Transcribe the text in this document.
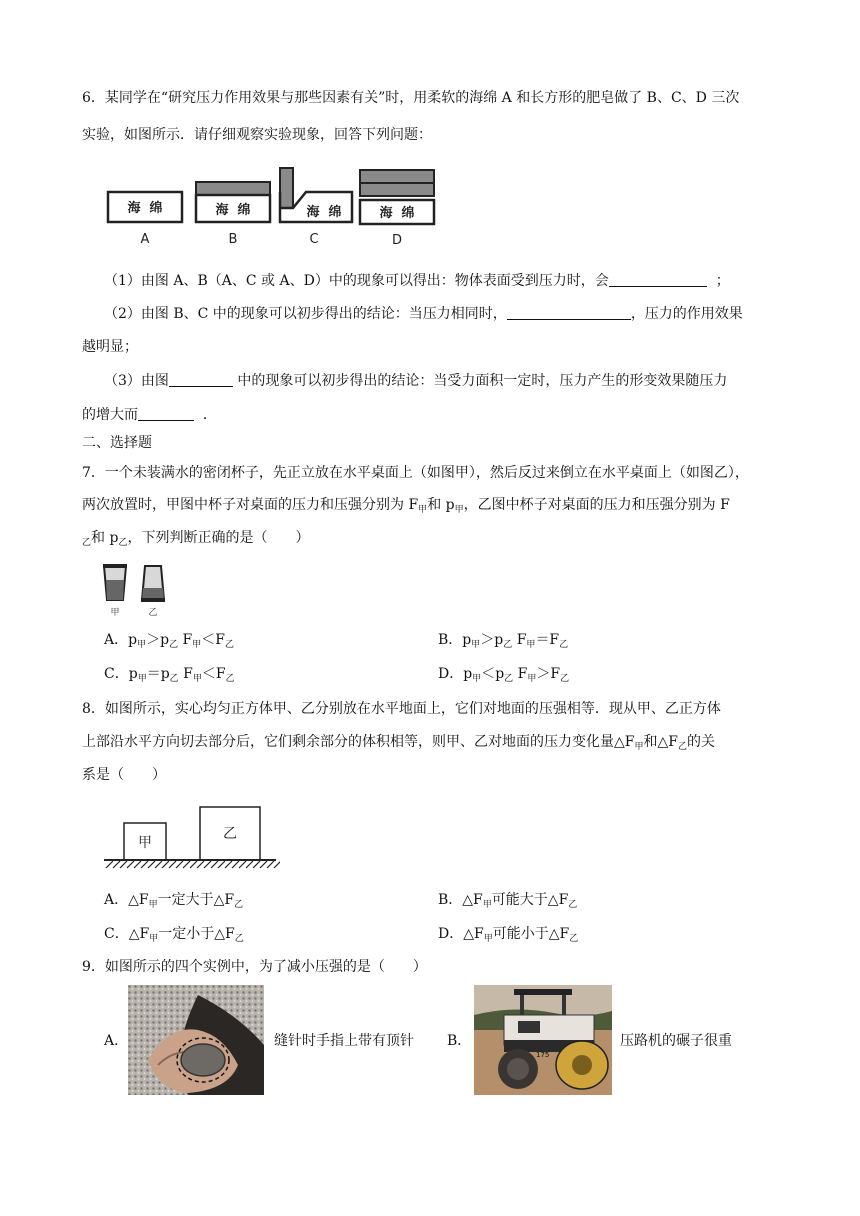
6．某同学在“研究压力作用效果与那些因素有关”时，用柔软的海绵 A 和长方形的肥皂做了 B、C、D 三次
实验，如图所示．请仔细观察实验现象，回答下列问题：
海  绵
A
海  绵
B
海  绵
C
海  绵
D
（1）由图 A、B（A、C 或 A、D）中的现象可以得出：物体表面受到压力时，会	；
（2）由图 B、C 中的现象可以初步得出的结论：当压力相同时，	，压力的作用效果
越明显；
（3）由图	中的现象可以初步得出的结论：当受力面积一定时，压力产生的形变效果随压力
的增大而	．
二、选择题
7．一个未装满水的密闭杯子，先正立放在水平桌面上（如图甲），然后反过来倒立在水平桌面上（如图乙），
两次放置时，甲图中杯子对桌面的压力和压强分别为 $F_甲$和 $p_甲$，乙图中杯子对桌面的压力和压强分别为 F
$_乙$和 $p_乙$，下列判断正确的是（　　）
甲	乙
A．$p_甲>p_乙$ $F_甲<F_乙$	B．$p_甲>p_乙$ $F_甲=F_乙$
C．$p_甲=p_乙$ $F_甲<F_乙$	D．$p_甲<p_乙$ $F_甲>F_乙$
8．如图所示，实心均匀正方体甲、乙分别放在水平地面上，它们对地面的压强相等．现从甲、乙正方体
上部沿水平方向切去部分后，它们剩余部分的体积相等，则甲、乙对地面的压力变化量$\triangle F_甲$和$\triangle F_乙$的关
系是（　　）
甲
乙
A．$\triangle F_甲$一定大于$\triangle F_乙$	B．$\triangle F_甲$可能大于$\triangle F_乙$
C．$\triangle F_甲$一定小于$\triangle F_乙$	D．$\triangle F_甲$可能小于$\triangle F_乙$
9．如图所示的四个实例中，为了减小压强的是（　　）
A．	缝针时手指上带有顶针 B．
175
压路机的碾子很重
